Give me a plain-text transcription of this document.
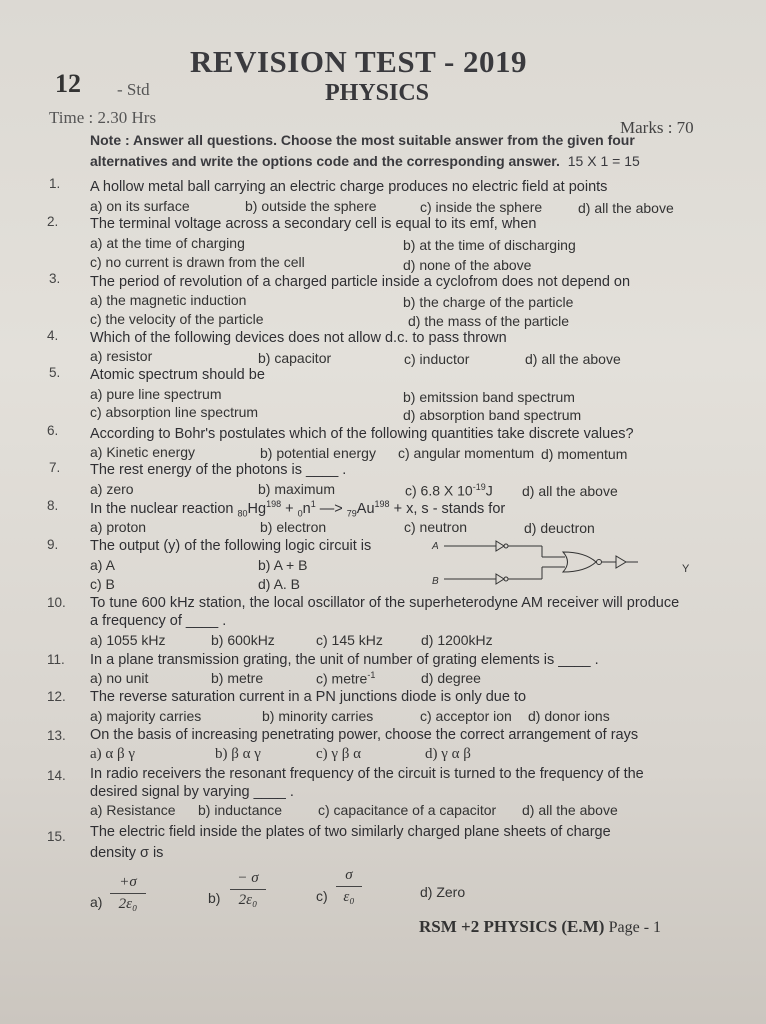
REVISION TEST - 2019
12 - Std	PHYSICS
Time : 2.30 Hrs
Marks : 70
Note : Answer all questions. Choose the most suitable answer from the given four
alternatives and write the options code and the corresponding answer. 15 X 1 = 15
1. A hollow metal ball carrying an electric charge produces no electric field at points
a) on its surface	b) outside the sphere	c) inside the sphere	d) all the above
2. The terminal voltage across a secondary cell is equal to its emf, when
a) at the time of charging	b) at the time of discharging
c) no current is drawn from the cell	d) none of the above
3. The period of revolution of a charged particle inside a cyclofrom does not depend on
a) the magnetic induction	b) the charge of the particle
c) the velocity of the particle	d) the mass of the particle
4. Which of the following devices does not allow d.c. to pass thrown
a) resistor	b) capacitor	c) inductor	d) all the above
5. Atomic spectrum should be
a) pure line spectrum	b) emitssion band spectrum
c) absorption line spectrum	d) absorption band spectrum
6. According to Bohr's postulates which of the following quantities take discrete values?
a) Kinetic energy	b) potential energy c) angular momentum d) momentum
7. The rest energy of the photons is ____ .
a) zero	b) maximum	c) 6.8 X $10^{-19}J$ d) all the above
8. In the nuclear reaction $_{80}Hg^{198} + _0n^1$ —> $_{79}Au^{198} + x$, s - stands for
a) proton	b) electron	c) neutron	d) deuctron
9. The output (y) of the following logic circuit is
a) A	b) A + B
c) B	d) A. B
A
B
Y
10. To tune 600 kHz station, the local oscillator of the superheterodyne AM receiver will produce
a frequency of ____ .
a) 1055 kHz	b) 600kHz	c) 145 kHz	d) 1200kHz
11. In a plane transmission grating, the unit of number of grating elements is ____ .
a) no unit	b) metre	c) metre$^{-1}$	d) degree
12. The reverse saturation current in a PN junctions diode is only due to
a) majority carries	b) minority carries	c) acceptor ion d) donor ions
13. On the basis of increasing penetrating power, choose the correct arrangement of rays
a) α β γ	b) β α γ	c) γ β α	d) γ α β
14. In radio receivers the resonant frequency of the circuit is turned to the frequency of the
desired signal by varying ____ .
a) Resistance b) inductance	c) capacitance of a capacitor d) all the above
15. The electric field inside the plates of two similarly charged plane sheets of charge
density σ is
a)
+σ
2ε₀	b)
− σ
2ε₀	c)
σ
ε₀	d) Zero
RSM +2 PHYSICS (E.M) Page - 1
